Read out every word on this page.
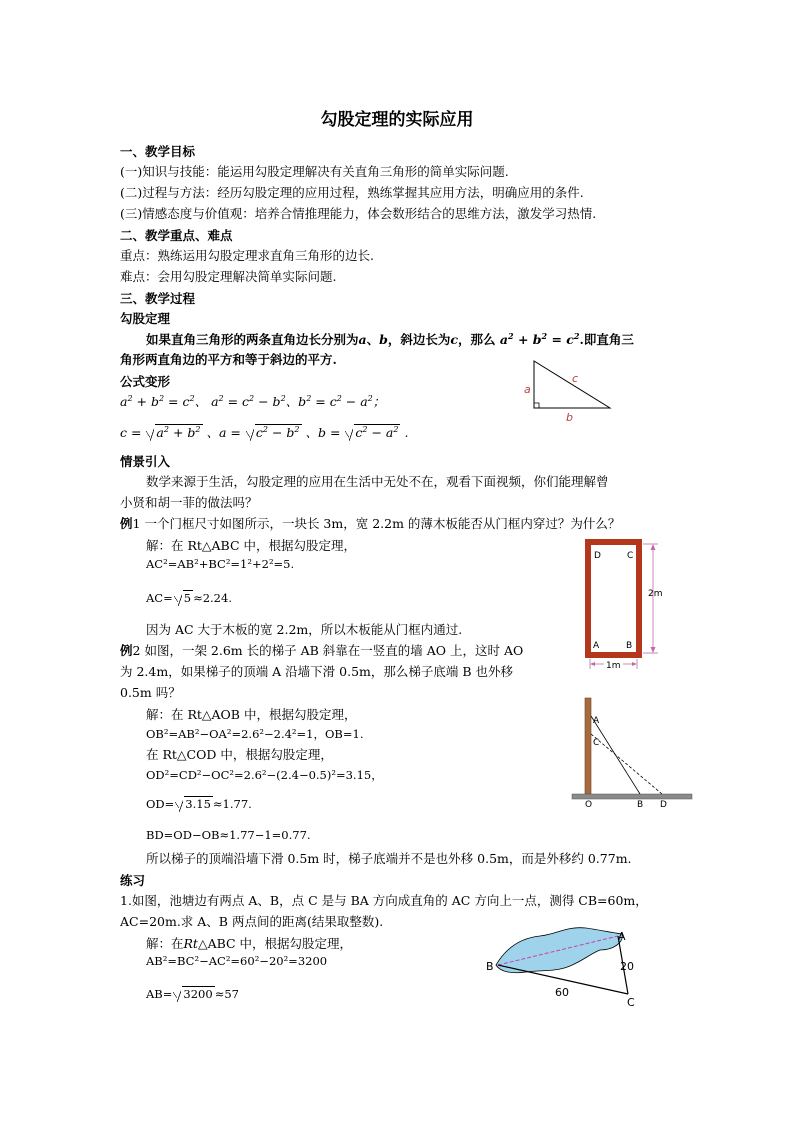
勾股定理的实际应用
一、教学目标
(一)知识与技能：能运用勾股定理解决有关直角三角形的简单实际问题.
(二)过程与方法：经历勾股定理的应用过程，熟练掌握其应用方法，明确应用的条件.
(三)情感态度与价值观：培养合情推理能力，体会数形结合的思维方法，激发学习热情.
二、教学重点、难点
重点：熟练运用勾股定理求直角三角形的边长.
难点：会用勾股定理解决简单实际问题.
三、教学过程
勾股定理
如果直角三角形的两条直角边长分别为a、b，斜边长为c，那么 $a^2 + b^2 = c^2$.即直角三
角形两直角边的平方和等于斜边的平方.
公式变形
$a^2 + b^2 = c^2$、 $a^2 = c^2 - b^2$、$b^2 = c^2 - a^2$；
$c = a^2 + b^2$ 、$a = c^2 - b^2$ 、$b = c^2 - a^2$ .
a
c
b
情景引入
数学来源于生活，勾股定理的应用在生活中无处不在，观看下面视频，你们能理解曾
小贤和胡一菲的做法吗？
例1 一个门框尺寸如图所示，一块长 3m，宽 2.2m 的薄木板能否从门框内穿过？为什么？
解：在 Rt△ABC 中，根据勾股定理，
AC²=AB²+BC²=1²+2²=5.
AC= 5 ≈2.24.
因为 AC 大于木板的宽 2.2m，所以木板能从门框内通过.
D	C
A	B
2m
1m
例2 如图，一架 2.6m 长的梯子 AB 斜靠在一竖直的墙 AO 上，这时 AO
为 2.4m，如果梯子的顶端 A 沿墙下滑 0.5m，那么梯子底端 B 也外移
0.5m 吗？
解：在 Rt△AOB 中，根据勾股定理，
OB²=AB²−OA²=2.6²−2.4²=1，OB=1.
在 Rt△COD 中，根据勾股定理，
OD²=CD²−OC²=2.6²−(2.4−0.5)²=3.15，
OD= 3.15 ≈1.77.
BD=OD−OB≈1.77−1=0.77.
所以梯子的顶端沿墙下滑 0.5m 时，梯子底端并不是也外移 0.5m，而是外移约 0.77m.
A
C
O	B D
练习
1.如图，池塘边有两点 A、B，点 C 是与 BA 方向成直角的 AC 方向上一点，测得 CB=60m，
AC=20m.求 A、B 两点间的距离(结果取整数).
解：在Rt△ABC 中，根据勾股定理，
AB²=BC²−AC²=60²−20²=3200
AB= 3200 ≈57
B
A
C
20
60
